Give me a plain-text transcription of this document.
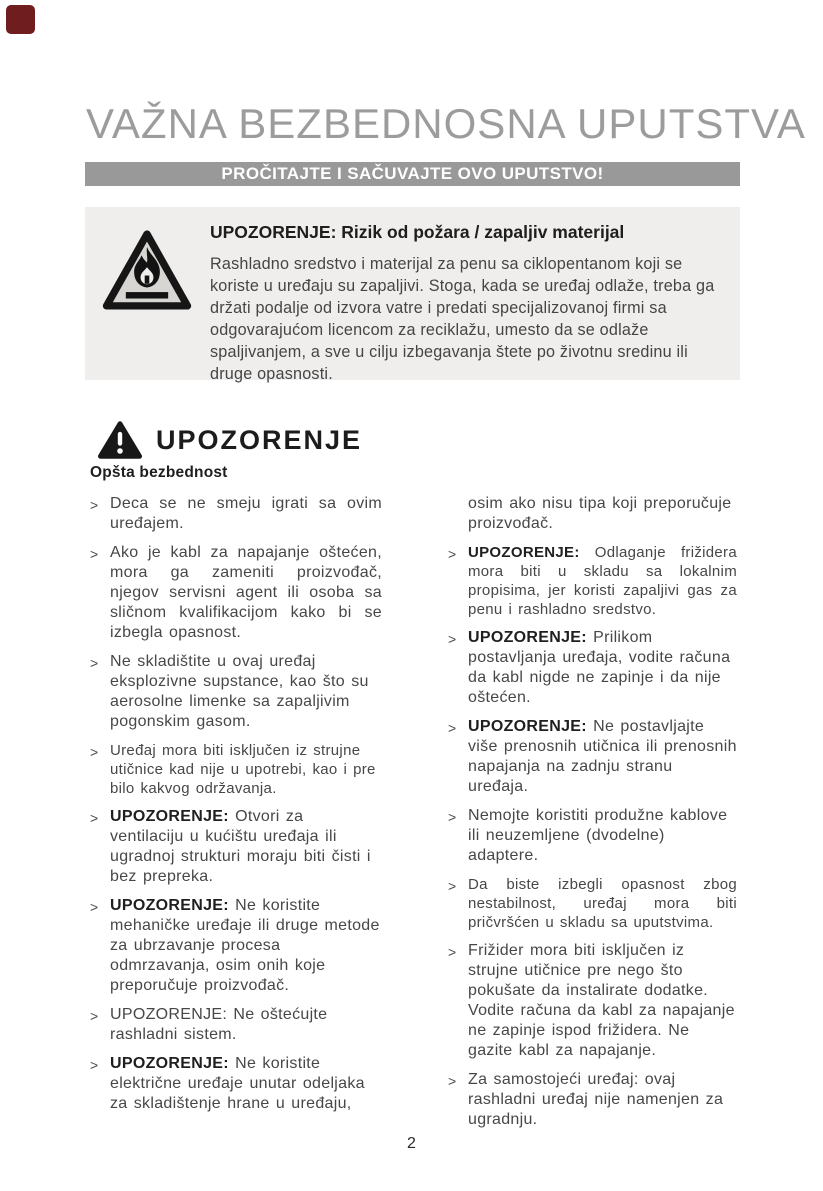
VAŽNA BEZBEDNOSNA UPUTSTVA
PROČITAJTE I SAČUVAJTE OVO UPUTSTVO!
UPOZORENJE: Rizik od požara / zapaljiv materijal

Rashladno sredstvo i materijal za penu sa ciklopentanom koji se koriste u uređaju su zapaljivi. Stoga, kada se uređaj odlaže, treba ga držati podalje od izvora vatre i predati specijalizovanoj firmi sa odgovarajućom licencom za reciklažu, umesto da se odlaže spaljivanjem, a sve u cilju izbegavanja štete po životnu sredinu ili druge opasnosti.

UPOZORENJE
Opšta bezbednost
> Deca se ne smeju igrati sa ovim uređajem.
> Ako je kabl za napajanje oštećen, mora ga zameniti proizvođač, njegov servisni agent ili osoba sa sličnom kvalifikacijom kako bi se izbegla opasnost.
> Ne skladištite u ovaj uređaj eksplozivne supstance, kao što su aerosolne limenke sa zapaljivim pogonskim gasom.
> Uređaj mora biti isključen iz strujne utičnice kad nije u upotrebi, kao i pre bilo kakvog održavanja.
> UPOZORENJE: Otvori za ventilaciju u kućištu uređaja ili ugradnoj strukturi moraju biti čisti i bez prepreka.
> UPOZORENJE: Ne koristite mehaničke uređaje ili druge metode za ubrzavanje procesa odmrzavanja, osim onih koje preporučuje proizvođač.
> UPOZORENJE: Ne oštećujte rashladni sistem.
> UPOZORENJE: Ne koristite električne uređaje unutar odeljaka za skladištenje hrane u uređaju,
osim ako nisu tipa koji preporučuje proizvođač.
> UPOZORENJE: Odlaganje frižidera mora biti u skladu sa lokalnim propisima, jer koristi zapaljivi gas za penu i rashladno sredstvo.
> UPOZORENJE: Prilikom postavljanja uređaja, vodite računa da kabl nigde ne zapinje i da nije oštećen.
> UPOZORENJE: Ne postavljajte više prenosnih utičnica ili prenosnih napajanja na zadnju stranu uređaja.
> Nemojte koristiti produžne kablove ili neuzemljene (dvodelne) adaptere.
> Da biste izbegli opasnost zbog nestabilnost, uređaj mora biti pričvršćen u skladu sa uputstvima.
> Frižider mora biti isključen iz strujne utičnice pre nego što pokušate da instalirate dodatke. Vodite računa da kabl za napajanje ne zapinje ispod frižidera. Ne gazite kabl za napajanje.
> Za samostojeći uređaj: ovaj rashladni uređaj nije namenjen za ugradnju.
2
